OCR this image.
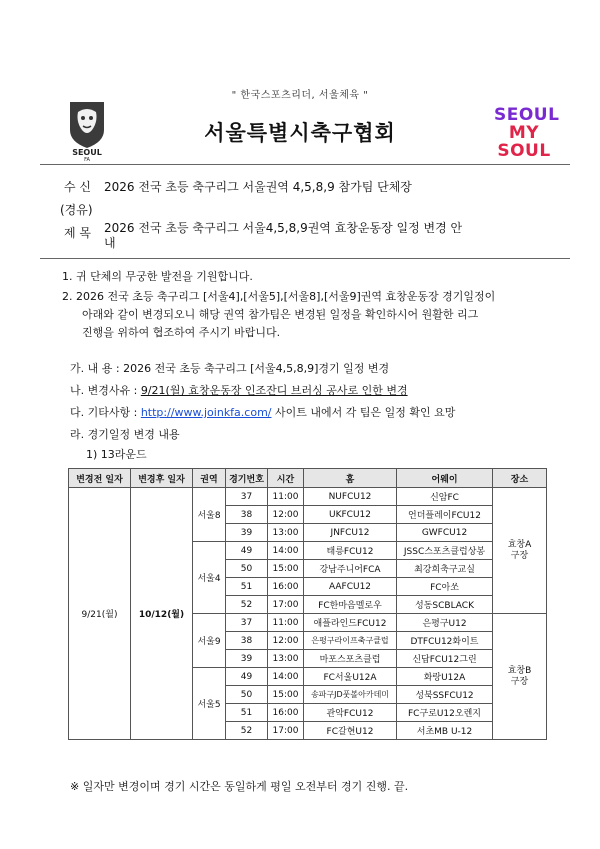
" 한국스포츠리더, 서울체육 "
SEOUL
FA
서울특별시축구협회
SEOUL
MY SOUL
수 신 2026 전국 초등 축구리그 서울권역 4,5,8,9 참가팀 단체장
(경유)
제 목 2026 전국 초등 축구리그 서울4,5,8,9권역 효창운동장 일정 변경 안
내
1. 귀 단체의 무궁한 발전을 기원합니다.
2. 2026 전국 초등 축구리그 [서울4],[서울5],[서울8],[서울9]권역 효창운동장 경기일정이
아래와 같이 변경되오니 해당 권역 참가팀은 변경된 일정을 확인하시어 원활한 리그
진행을 위하여 협조하여 주시기 바랍니다.
가. 내 용 : 2026 전국 초등 축구리그 [서울4,5,8,9]경기 일정 변경
나. 변경사유 : 9/21(월) 효창운동장 인조잔디 브러싱 공사로 인한 변경
다. 기타사항 : http://www.joinkfa.com/ 사이트 내에서 각 팀은 일정 확인 요망
라. 경기일정 변경 내용
1) 13라운드
변경전 일자	변경후 일자	권역	경기번호	시간	홈	어웨이	장소
9/21(월)	10/12(월)	서울8	37	11:00	NUFCU12	신암FC	효창A
구장
			38	12:00	UKFCU12	언더플레이FCU12	
			39	13:00	JNFCU12	GWFCU12	
		서울4	49	14:00	태릉FCU12	JSSC스포츠클럽상봉	
			50	15:00	강남주니어FCA	최강희축구교실	
			51	16:00	AAFCU12	FC아쏘	
			52	17:00	FC한마음멜로우	성동SCBLACK	
		서울9	37	11:00	애플라인드FCU12	은평구U12	효창B
구장
			38	12:00	은평구라이프축구클럽	DTFCU12화이트	
			39	13:00	마포스포츠클럽	신답FCU12그린	
		서울5	49	14:00	FC서울U12A	화랑U12A	
			50	15:00	송파구JD풋볼아카데미	성북SSFCU12	
			51	16:00	관악FCU12	FC구로U12오렌지	
			52	17:00	FC갈현U12	서초MB U-12	
※ 일자만 변경이며 경기 시간은 동일하게 평일 오전부터 경기 진행. 끝.
